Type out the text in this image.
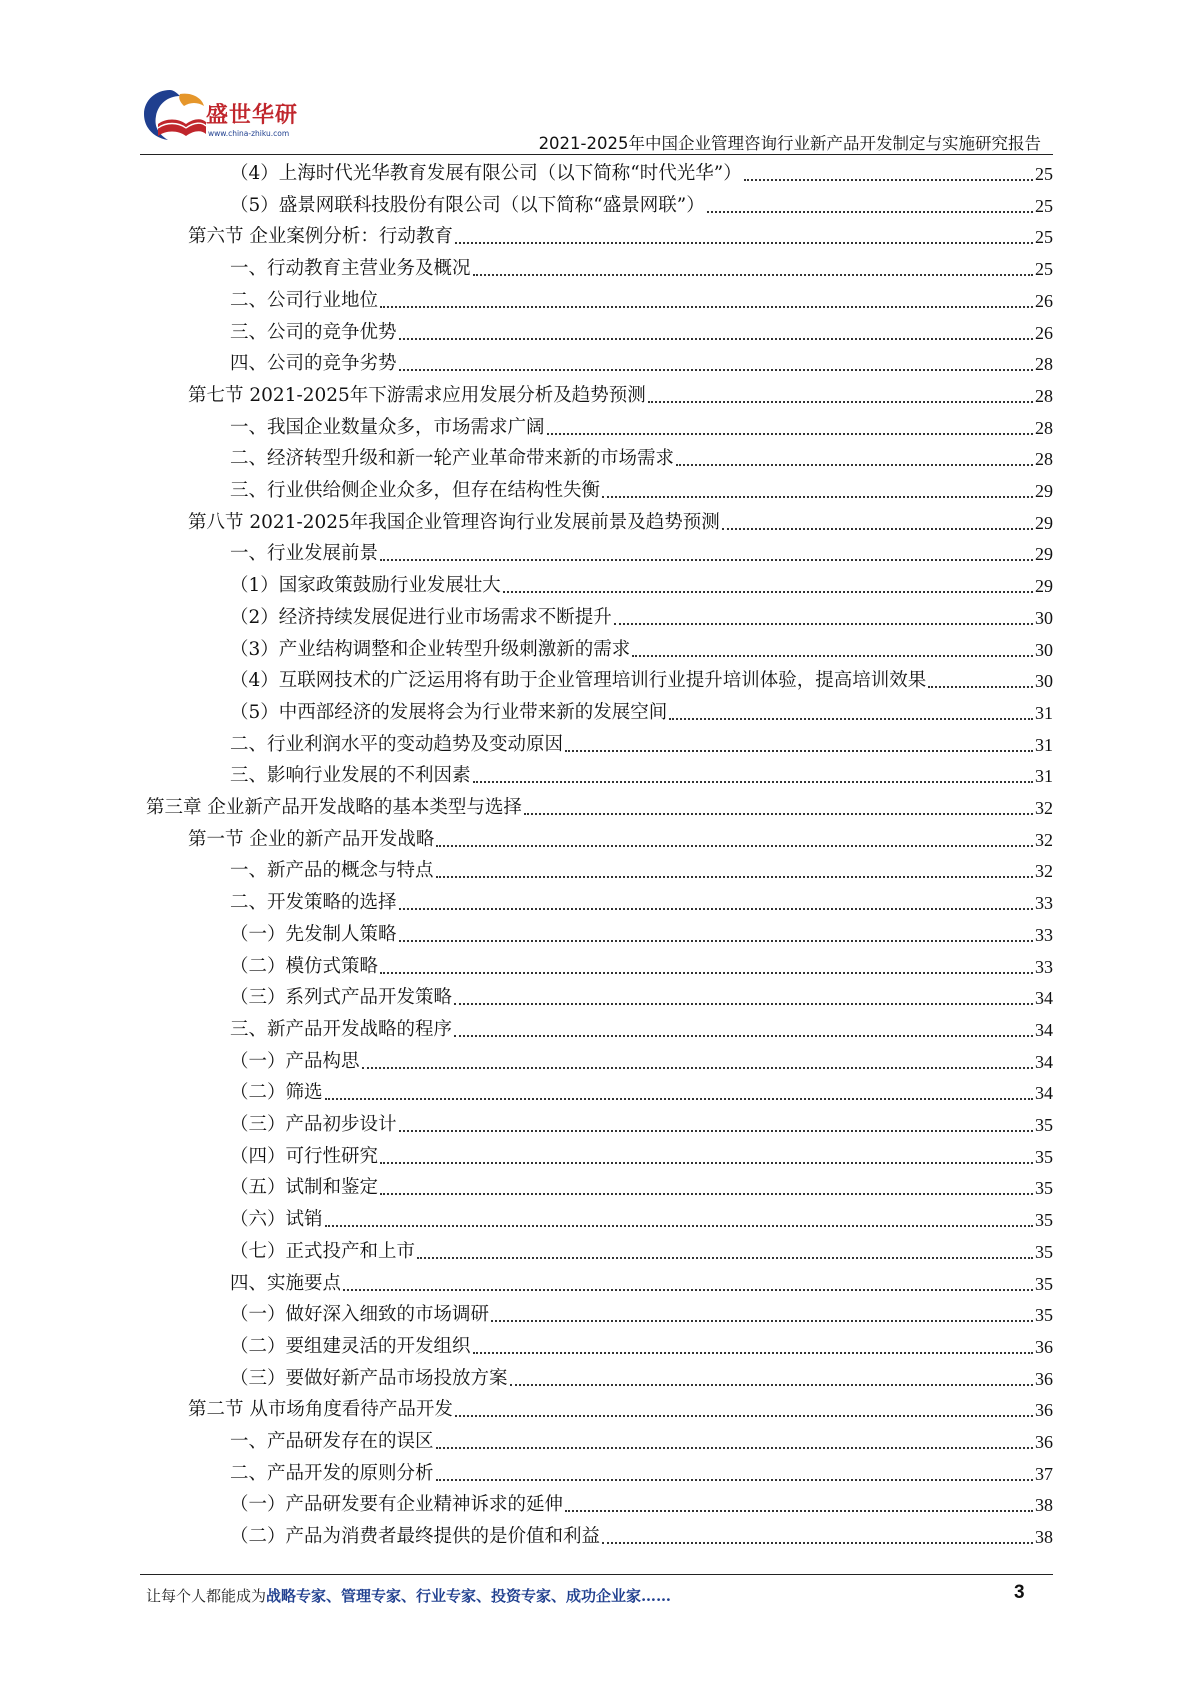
盛世华研
www.china-zhiku.com
2021-2025年中国企业管理咨询行业新产品开发制定与实施研究报告
（4）上海时代光华教育发展有限公司（以下简称“时代光华”）	25
（5）盛景网联科技股份有限公司（以下简称“盛景网联”）	25
第六节 企业案例分析：行动教育	25
一、行动教育主营业务及概况	25
二、公司行业地位	26
三、公司的竞争优势	26
四、公司的竞争劣势	28
第七节 2021-2025年下游需求应用发展分析及趋势预测	28
一、我国企业数量众多，市场需求广阔	28
二、经济转型升级和新一轮产业革命带来新的市场需求	28
三、行业供给侧企业众多，但存在结构性失衡	29
第八节 2021-2025年我国企业管理咨询行业发展前景及趋势预测	29
一、行业发展前景	29
（1）国家政策鼓励行业发展壮大	29
（2）经济持续发展促进行业市场需求不断提升	30
（3）产业结构调整和企业转型升级刺激新的需求	30
（4）互联网技术的广泛运用将有助于企业管理培训行业提升培训体验，提高培训效果	30
（5）中西部经济的发展将会为行业带来新的发展空间	31
二、行业利润水平的变动趋势及变动原因	31
三、影响行业发展的不利因素	31
第三章 企业新产品开发战略的基本类型与选择	32
第一节 企业的新产品开发战略	32
一、新产品的概念与特点	32
二、开发策略的选择	33
（一）先发制人策略	33
（二）模仿式策略	33
（三）系列式产品开发策略	34
三、新产品开发战略的程序	34
（一）产品构思	34
（二）筛选	34
（三）产品初步设计	35
（四）可行性研究	35
（五）试制和鉴定	35
（六）试销	35
（七）正式投产和上市	35
四、实施要点	35
（一）做好深入细致的市场调研	35
（二）要组建灵活的开发组织	36
（三）要做好新产品市场投放方案	36
第二节 从市场角度看待产品开发	36
一、产品研发存在的误区	36
二、产品开发的原则分析	37
（一）产品研发要有企业精神诉求的延伸	38
（二）产品为消费者最终提供的是价值和利益	38
让每个人都能成为战略专家、管理专家、行业专家、投资专家、成功企业家……	3
